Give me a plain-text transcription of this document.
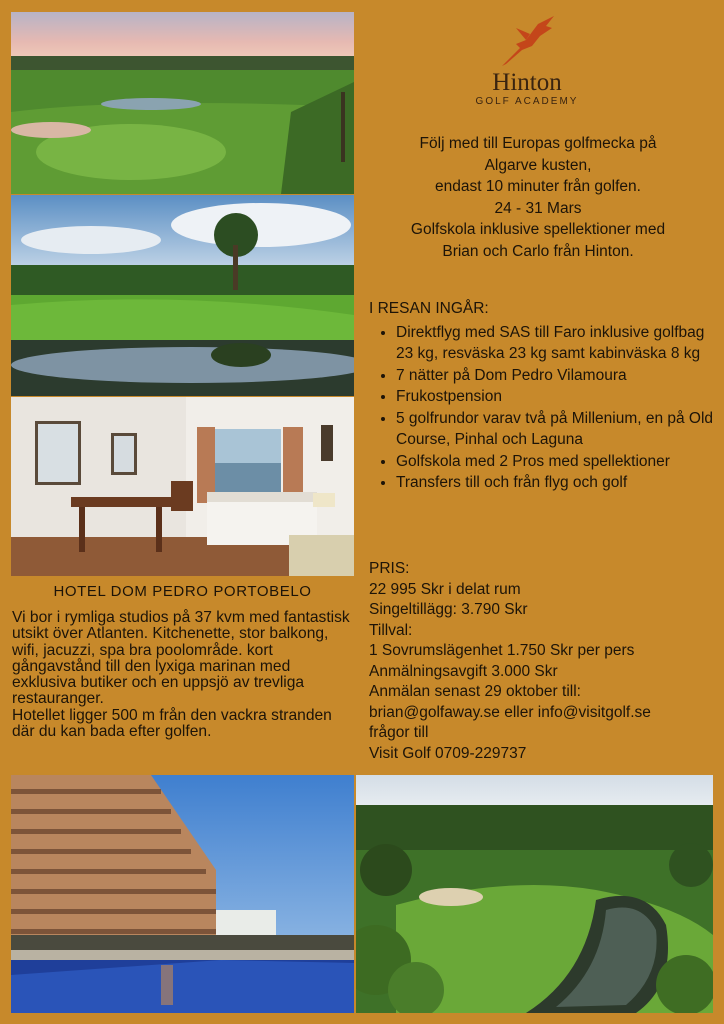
Hinton
GOLF ACADEMY
Följ med till Europas golfmecka på
Algarve kusten,
endast 10 minuter från golfen.
24 - 31 Mars
Golfskola inklusive spellektioner med
Brian och Carlo från Hinton.
I RESAN INGÅR:
• Direktflyg med SAS till Faro inklusive golfbag 23 kg, resväska 23 kg samt kabinväska 8 kg
• 7 nätter på Dom Pedro Vilamoura
• Frukostpension
• 5 golfrundor varav två på Millenium, en på Old Course, Pinhal och Laguna
• Golfskola med 2 Pros med spellektioner
• Transfers till och från flyg och golf
PRIS:
22 995 Skr i delat rum
Singeltillägg: 3.790 Skr
Tillval:
1 Sovrumslägenhet 1.750 Skr per pers
Anmälningsavgift 3.000 Skr
Anmälan senast 29 oktober till:
brian@golfaway.se eller info@visitgolf.se
frågor till
Visit Golf 0709-229737
HOTEL DOM PEDRO PORTOBELO

Vi bor i rymliga studios på 37 kvm med fantastisk utsikt över Atlanten. Kitchenette, stor balkong, wifi, jacuzzi, spa bra poolområde. kort gångavstånd till den lyxiga marinan med exklusiva butiker och en uppsjö av trevliga restauranger.

Hotellet ligger 500 m från den vackra stranden där du kan bada efter golfen.
